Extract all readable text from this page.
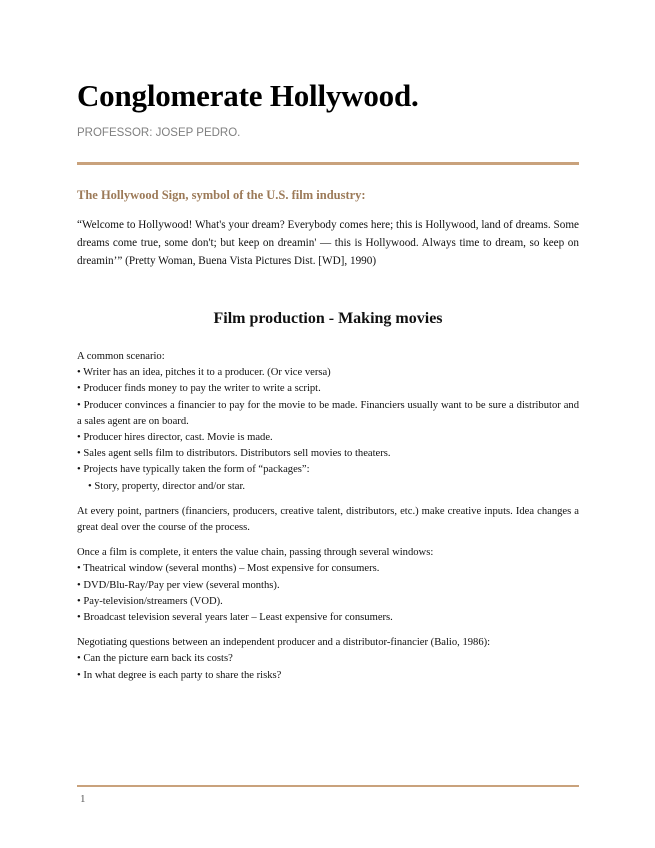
Conglomerate Hollywood.
PROFESSOR: JOSEP PEDRO.
The Hollywood Sign, symbol of the U.S. film industry:

“Welcome to Hollywood! What's your dream? Everybody comes here; this is Hollywood, land of dreams. Some dreams come true, some don't; but keep on dreamin' — this is Hollywood. Always time to dream, so keep on dreamin’” (Pretty Woman, Buena Vista Pictures Dist. [WD], 1990)

Film production - Making movies

A common scenario:

• Writer has an idea, pitches it to a producer. (Or vice versa)

• Producer finds money to pay the writer to write a script.

• Producer convinces a financier to pay for the movie to be made. Financiers usually want to be sure a distributor and a sales agent are on board.

• Producer hires director, cast. Movie is made.

• Sales agent sells film to distributors. Distributors sell movies to theaters.

• Projects have typically taken the form of “packages”:

• Story, property, director and/or star.

At every point, partners (financiers, producers, creative talent, distributors, etc.) make creative inputs. Idea changes a great deal over the course of the process.

Once a film is complete, it enters the value chain, passing through several windows:

• Theatrical window (several months) – Most expensive for consumers.

• DVD/Blu-Ray/Pay per view (several months).

• Pay-television/streamers (VOD).

• Broadcast television several years later – Least expensive for consumers.

Negotiating questions between an independent producer and a distributor-financier (Balio, 1986):

• Can the picture earn back its costs?

• In what degree is each party to share the risks?

1
